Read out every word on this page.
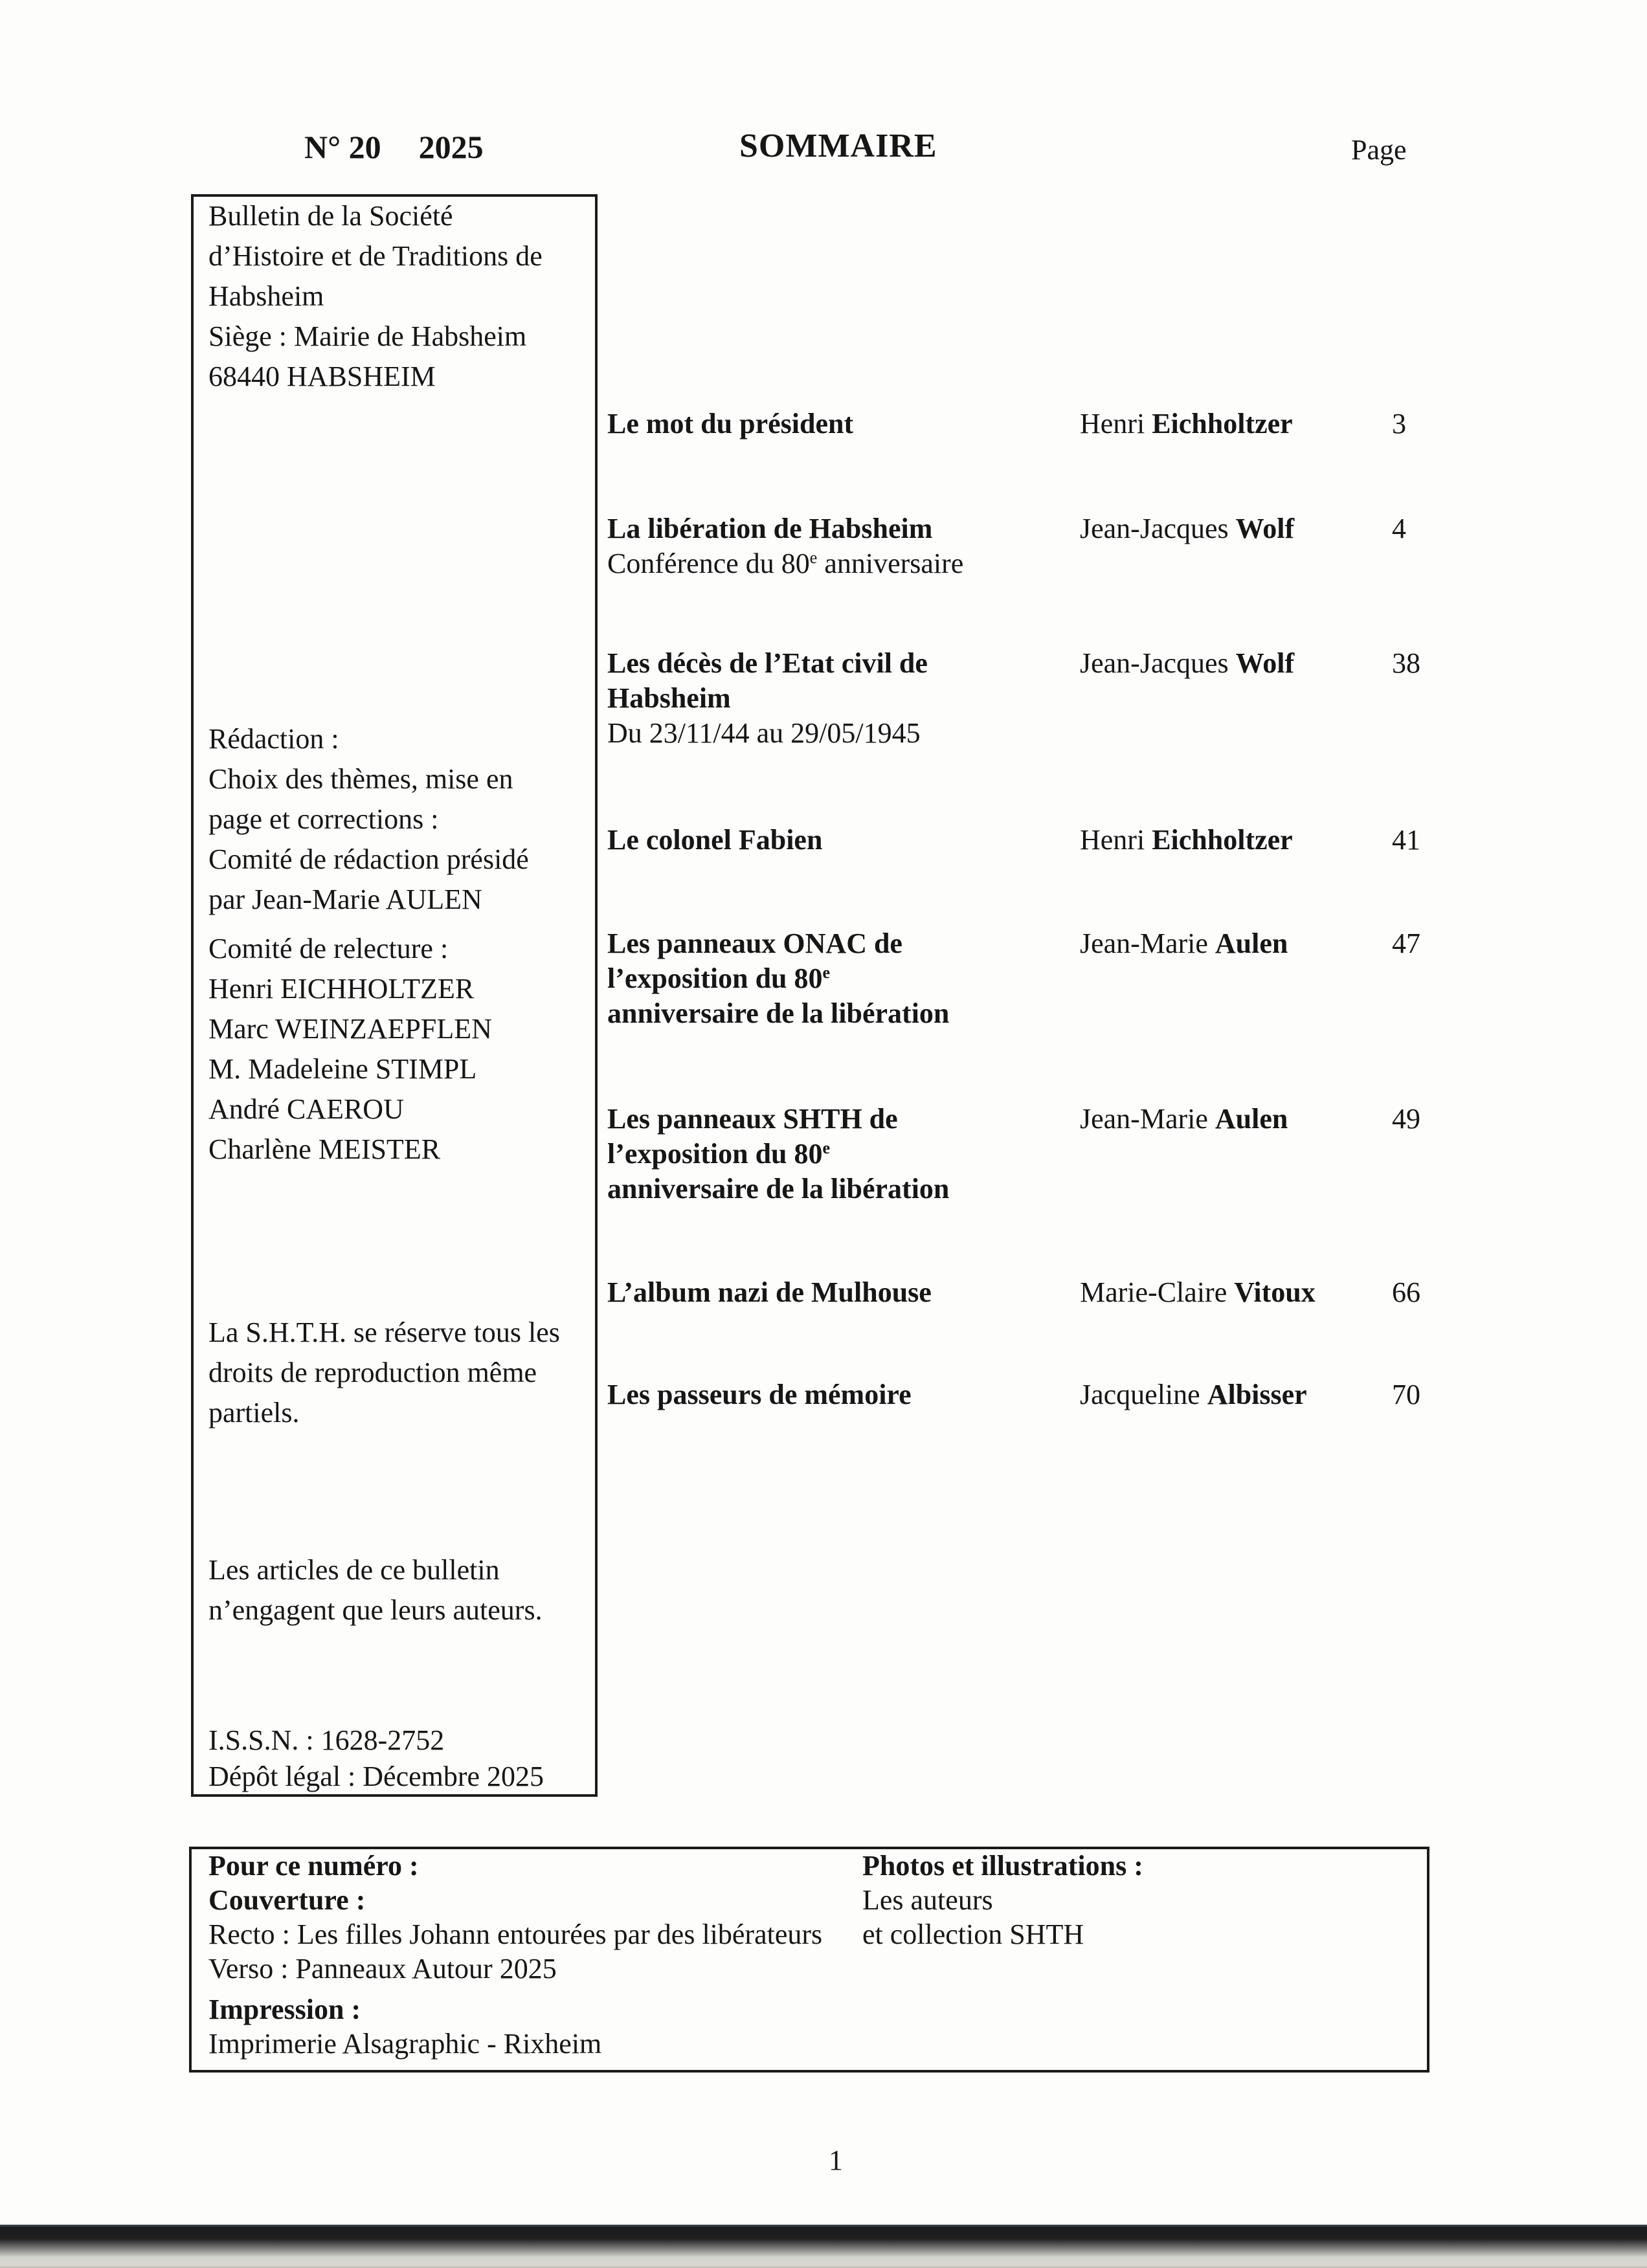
N° 20 2025	SOMMAIRE	Page
Bulletin de la Société
d’Histoire et de Traditions de
Habsheim
Siège : Mairie de Habsheim
68440 HABSHEIM
Rédaction :
Choix des thèmes, mise en
page et corrections :
Comité de rédaction présidé
par Jean-Marie AULEN
Comité de relecture :
Henri EICHHOLTZER
Marc WEINZAEPFLEN
M. Madeleine STIMPL
André CAEROU
Charlène MEISTER
La S.H.T.H. se réserve tous les
droits de reproduction même
partiels.
Les articles de ce bulletin
n’engagent que leurs auteurs.
I.S.S.N. : 1628-2752
Dépôt légal : Décembre 2025
Le mot du président	Henri Eichholtzer	3
La libération de Habsheim
Conférence du 80e anniversaire
Jean-Jacques Wolf	4
Les décès de l’Etat civil de
Habsheim
Du 23/11/44 au 29/05/1945
Jean-Jacques Wolf	38
Le colonel Fabien	Henri Eichholtzer	41
Les panneaux ONAC de
l’exposition du 80e
anniversaire de la libération
Jean-Marie Aulen	47
Les panneaux SHTH de
l’exposition du 80e
anniversaire de la libération
Jean-Marie Aulen	49
L’album nazi de Mulhouse	Marie-Claire Vitoux	66
Les passeurs de mémoire	Jacqueline Albisser	70
Pour ce numéro :
Couverture :
Recto : Les filles Johann entourées par des libérateurs
Verso : Panneaux Autour 2025
Impression :
Imprimerie Alsagraphic - Rixheim
Photos et illustrations :
Les auteurs
et collection SHTH
1
